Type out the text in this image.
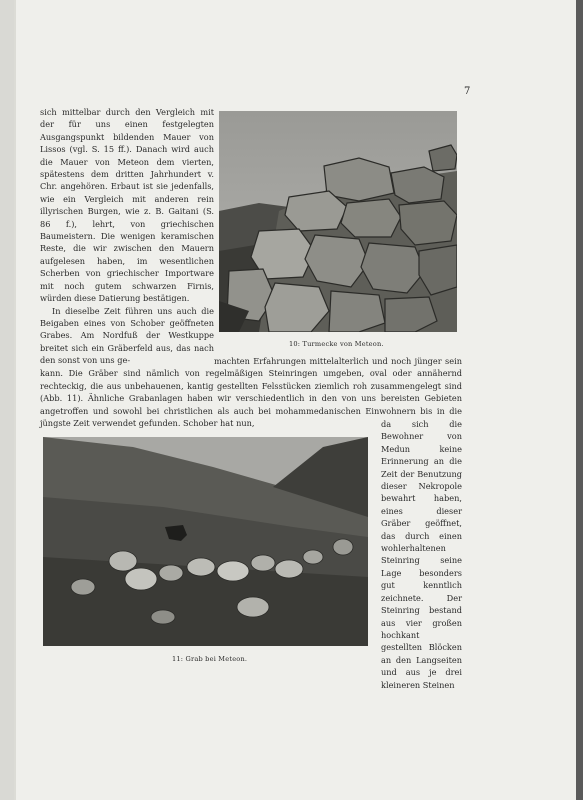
7

sich mittelbar durch den Vergleich mit der für uns einen festgelegten Ausgangspunkt bildenden Mauer von Lissos (vgl. S. 15 ff.). Danach wird auch die Mauer von Meteon dem vierten, spätestens dem dritten Jahrhundert v. Chr. angehören. Erbaut ist sie jedenfalls, wie ein Vergleich mit anderen rein illyrischen Burgen, wie z. B. Gaitani (S. 86 f.), lehrt, von griechischen Baumeistern. Die wenigen keramischen Reste, die wir zwischen den Mauern aufgelesen haben, im wesentlichen Scherben von griechischer Importware mit noch gutem schwarzen Firnis, würden diese Datierung bestätigen.

In dieselbe Zeit führen uns auch die Beigaben eines von Schober geöffneten Grabes. Am Nordfuß der Westkuppe breitet sich ein Gräberfeld aus, das nach den sonst von uns ge-

10: Turmecke von Meteon.
machten Erfahrungen mittelalterlich und noch jünger sein kann. Die Gräber sind nämlich von regelmäßigen Steinringen umgeben, oval oder annähernd rechteckig, die aus unbehauenen, kantig gestellten Felsstücken ziemlich roh zusammengelegt sind (Abb. 11). Ähnliche Grabanlagen haben wir verschiedentlich in den von uns bereisten Gebieten angetroffen und sowohl bei christlichen als auch bei mohammedanischen Einwohnern bis in die jüngste Zeit verwendet gefunden. Schober hat nun,
11: Grab bei Meteon.
da sich die Bewohner von Medun keine Erinnerung an die Zeit der Benutzung dieser Nekropole bewahrt haben, eines dieser Gräber geöffnet, das durch einen wohlerhaltenen Steinring seine Lage besonders gut kenntlich zeichnete. Der Steinring bestand aus vier großen hochkant gestellten Blöcken an den Langseiten und aus je drei kleineren Steinen
